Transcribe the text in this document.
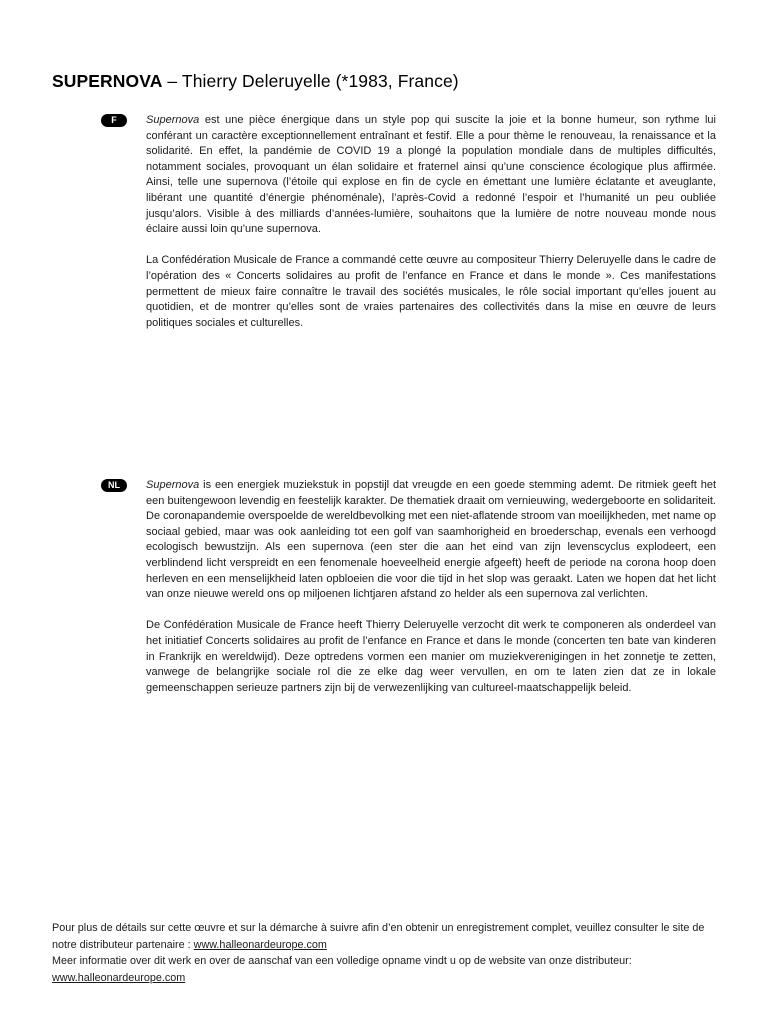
SUPERNOVA – Thierry Deleruyelle (*1983, France)
F	Supernova est une pièce énergique dans un style pop qui suscite la joie et la bonne humeur, son rythme lui conférant un caractère exceptionnellement entraînant et festif. Elle a pour thème le renouveau, la renaissance et la solidarité. En effet, la pandémie de COVID 19 a plongé la population mondiale dans de multiples difficultés, notamment sociales, provoquant un élan solidaire et fraternel ainsi qu’une conscience écologique plus affirmée. Ainsi, telle une supernova (l’étoile qui explose en fin de cycle en émettant une lumière éclatante et aveuglante, libérant une quantité d’énergie phénoménale), l’après-Covid a redonné l’espoir et l’humanité un peu oubliée jusqu’alors. Visible à des milliards d’années-lumière, souhaitons que la lumière de notre nouveau monde nous éclaire aussi loin qu’une supernova.

La Confédération Musicale de France a commandé cette œuvre au compositeur Thierry Deleruyelle dans le cadre de l’opération des « Concerts solidaires au profit de l’enfance en France et dans le monde ». Ces manifestations permettent de mieux faire connaître le travail des sociétés musicales, le rôle social important qu’elles jouent au quotidien, et de montrer qu’elles sont de vraies partenaires des collectivités dans la mise en œuvre de leurs politiques sociales et culturelles.

NL	Supernova is een energiek muziekstuk in popstijl dat vreugde en een goede stemming ademt. De ritmiek geeft het een buitengewoon levendig en feestelijk karakter. De thematiek draait om vernieuwing, wedergeboorte en solidariteit. De coronapandemie overspoelde de wereldbevolking met een niet-aflatende stroom van moeilijkheden, met name op sociaal gebied, maar was ook aanleiding tot een golf van saamhorigheid en broederschap, evenals een verhoogd ecologisch bewustzijn. Als een supernova (een ster die aan het eind van zijn levenscyclus explodeert, een verblindend licht verspreidt en een fenomenale hoeveelheid energie afgeeft) heeft de periode na corona hoop doen herleven en een menselijkheid laten opbloeien die voor die tijd in het slop was geraakt. Laten we hopen dat het licht van onze nieuwe wereld ons op miljoenen lichtjaren afstand zo helder als een supernova zal verlichten.

De Confédération Musicale de France heeft Thierry Deleruyelle verzocht dit werk te componeren als onderdeel van het initiatief Concerts solidaires au profit de l’enfance en France et dans le monde (concerten ten bate van kinderen in Frankrijk en wereldwijd). Deze optredens vormen een manier om muziekverenigingen in het zonnetje te zetten, vanwege de belangrijke sociale rol die ze elke dag weer vervullen, en om te laten zien dat ze in lokale gemeenschappen serieuze partners zijn bij de verwezenlijking van cultureel-maatschappelijk beleid.

Pour plus de détails sur cette œuvre et sur la démarche à suivre afin d’en obtenir un enregistrement complet, veuillez consulter le site de notre distributeur partenaire : www.halleonardeurope.com

Meer informatie over dit werk en over de aanschaf van een volledige opname vindt u op de website van onze distributeur:

www.halleonardeurope.com
